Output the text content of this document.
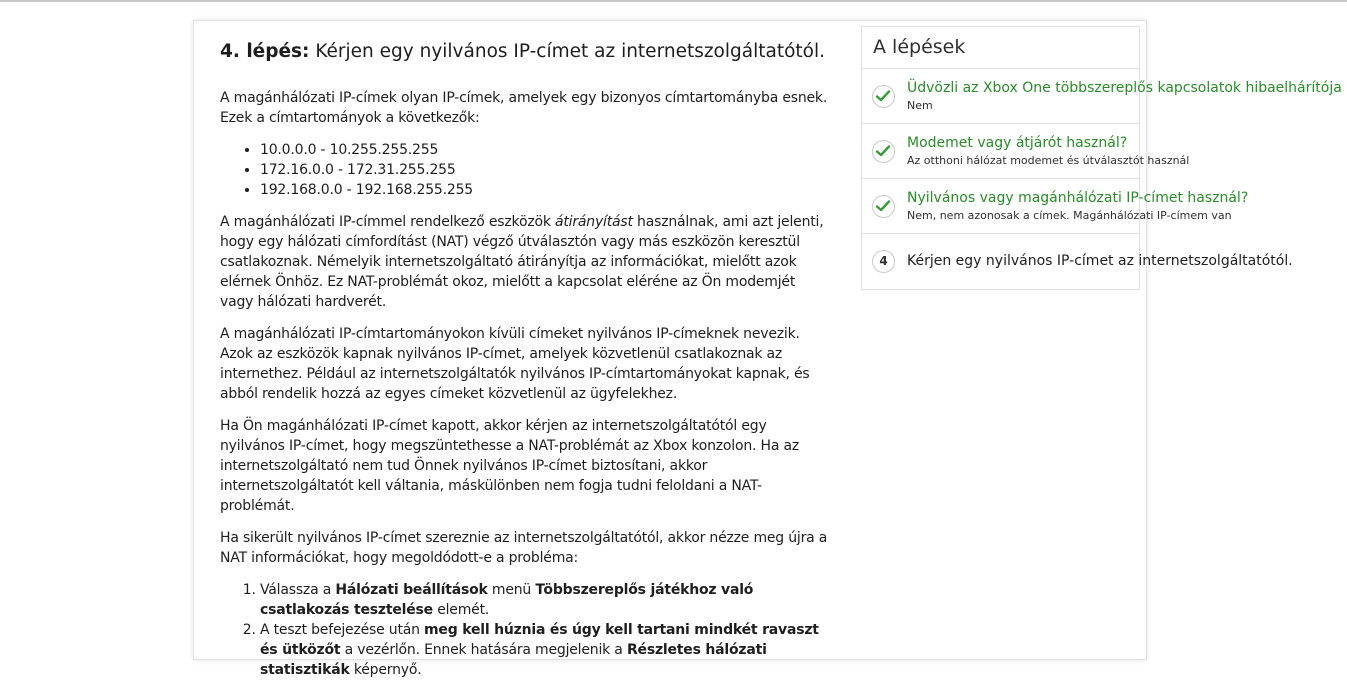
4. lépés: Kérjen egy nyilvános IP-címet az internetszolgáltatótól.

A magánhálózati IP-címek olyan IP-címek, amelyek egy bizonyos címtartományba esnek. Ezek a címtartományok a következők:

• 10.0.0.0 - 10.255.255.255
• 172.16.0.0 - 172.31.255.255
• 192.168.0.0 - 192.168.255.255

A magánhálózati IP-címmel rendelkező eszközök átirányítást használnak, ami azt jelenti, hogy egy hálózati címfordítást (NAT) végző útválasztón vagy más eszközön keresztül csatlakoznak. Némelyik internetszolgáltató átirányítja az információkat, mielőtt azok elérnek Önhöz. Ez NAT-problémát okoz, mielőtt a kapcsolat eléréne az Ön modemjét vagy hálózati hardverét.

A magánhálózati IP-címtartományokon kívüli címeket nyilvános IP-címeknek nevezik. Azok az eszközök kapnak nyilvános IP-címet, amelyek közvetlenül csatlakoznak az internethez. Például az internetszolgáltatók nyilvános IP-címtartományokat kapnak, és abból rendelik hozzá az egyes címeket közvetlenül az ügyfelekhez.

Ha Ön magánhálózati IP-címet kapott, akkor kérjen az internetszolgáltatótól egy nyilvános IP-címet, hogy megszüntethesse a NAT-problémát az Xbox konzolon. Ha az internetszolgáltató nem tud Önnek nyilvános IP-címet biztosítani, akkor internetszolgáltatót kell váltania, máskülönben nem fogja tudni feloldani a NAT-problémát.

Ha sikerült nyilvános IP-címet szereznie az internetszolgáltatótól, akkor nézze meg újra a NAT információkat, hogy megoldódott-e a probléma:

1. Válassza a Hálózati beállítások menü Többszereplős játékhoz való csatlakozás tesztelése elemét.
2. A teszt befejezése után meg kell húznia és úgy kell tartani mindkét ravaszt és ütközőt a vezérlőn. Ennek hatására megjelenik a Részletes hálózati statisztikák képernyő.
A lépések
Üdvözli az Xbox One többszereplős kapcsolatok hibaelhárítója
Nem
Modemet vagy átjárót használ?
Az otthoni hálózat modemet és útválasztót használ
Nyilvános vagy magánhálózati IP-címet használ?
Nem, nem azonosak a címek. Magánhálózati IP-címem van
4	Kérjen egy nyilvános IP-címet az internetszolgáltatótól.
